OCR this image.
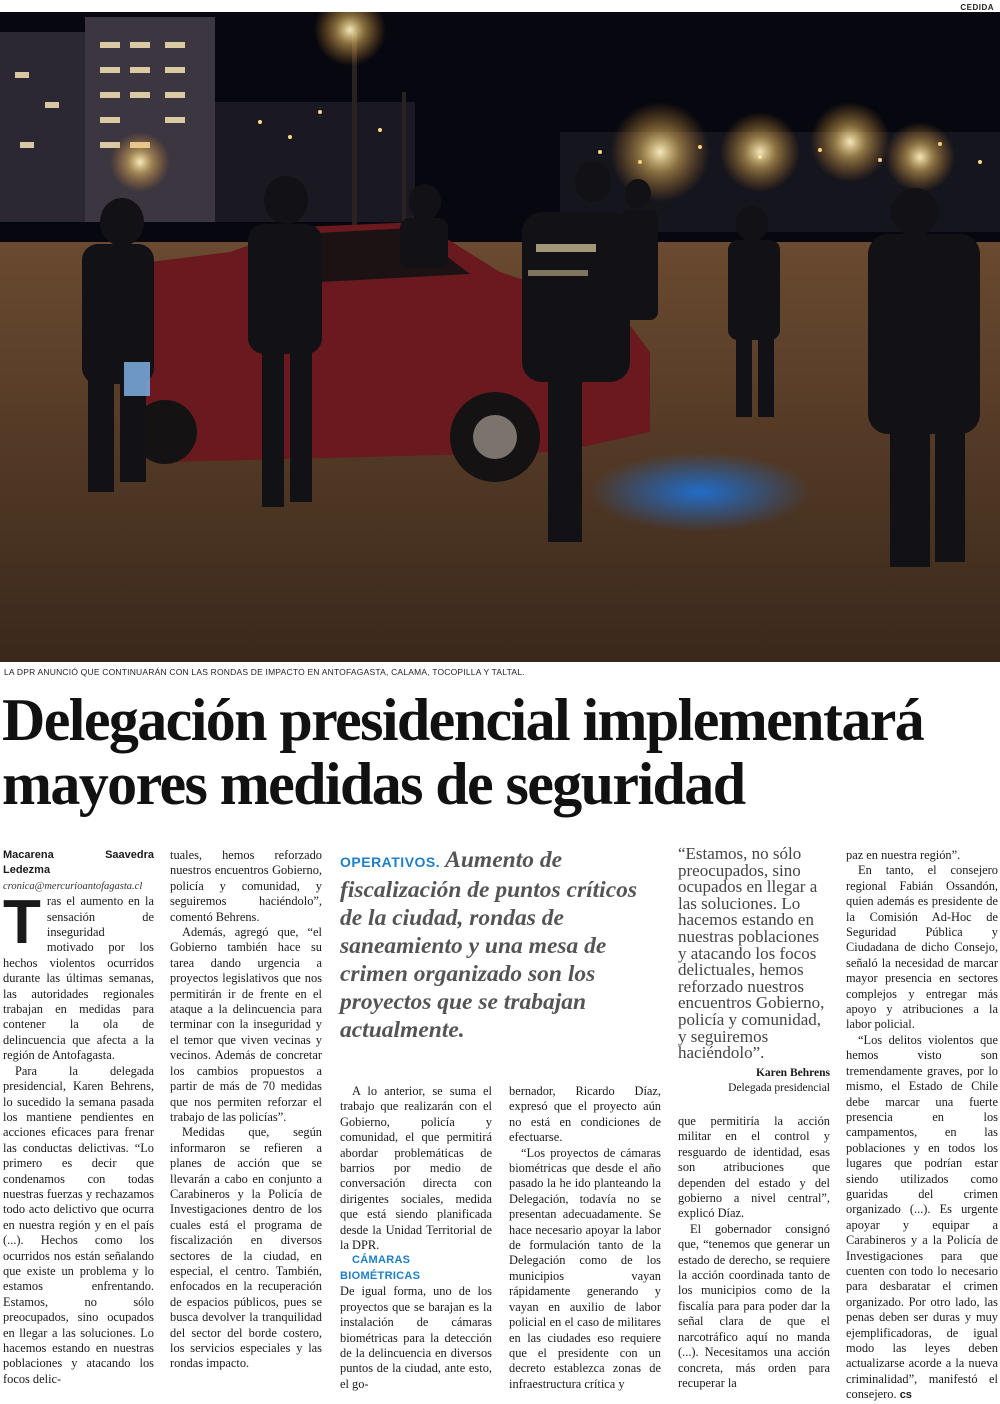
CEDIDA
LA DPR ANUNCIÓ QUE CONTINUARÁN CON LAS RONDAS DE IMPACTO EN ANTOFAGASTA, CALAMA, TOCOPILLA Y TALTAL.
Delegación presidencial implementará
mayores medidas de seguridad

Macarena Saavedra Ledezma

cronica@mercurioantofagasta.cl

Tras el aumento en la sensación de inseguridad motivado por los hechos violentos ocurridos durante las últimas semanas, las autoridades regionales trabajan en medidas para contener la ola de delincuencia que afecta a la región de Antofagasta.

Para la delegada presidencial, Karen Behrens, lo sucedido la semana pasada los mantiene pendientes en acciones eficaces para frenar las conductas delictivas. “Lo primero es decir que condenamos con todas nuestras fuerzas y rechazamos todo acto delictivo que ocurra en nuestra región y en el país (...). Hechos como los ocurridos nos están señalando que existe un problema y lo estamos enfrentando. Estamos, no sólo preocupados, sino ocupados en llegar a las soluciones. Lo hacemos estando en nuestras poblaciones y atacando los focos delic-

tuales, hemos reforzado nuestros encuentros Gobierno, policía y comunidad, y seguiremos haciéndolo”, comentó Behrens.

Además, agregó que, “el Gobierno también hace su tarea dando urgencia a proyectos legislativos que nos permitirán ir de frente en el ataque a la delincuencia para terminar con la inseguridad y el temor que viven vecinas y vecinos. Además de concretar los cambios propuestos a partir de más de 70 medidas que nos permiten reforzar el trabajo de las policías”.

Medidas que, según informaron se refieren a planes de acción que se llevarán a cabo en conjunto a Carabineros y la Policía de Investigaciones dentro de los cuales está el programa de fiscalización en diversos sectores de la ciudad, en especial, el centro. También, enfocados en la recuperación de espacios públicos, pues se busca devolver la tranquilidad del sector del borde costero, los servicios especiales y las rondas impacto.

OPERATIVOS. Aumento de fiscalización de puntos críticos de la ciudad, rondas de saneamiento y una mesa de crimen organizado son los proyectos que se trabajan actualmente.

A lo anterior, se suma el trabajo que realizarán con el Gobierno, policía y comunidad, el que permitirá abordar problemáticas de barrios por medio de conversación directa con dirigentes sociales, medida que está siendo planificada desde la Unidad Territorial de la DPR.

CÁMARAS BIOMÉTRICAS

De igual forma, uno de los proyectos que se barajan es la instalación de cámaras biométricas para la detección de la delincuencia en diversos puntos de la ciudad, ante esto, el go-

bernador, Ricardo Díaz, expresó que el proyecto aún no está en condiciones de efectuarse.

“Los proyectos de cámaras biométricas que desde el año pasado la he ido planteando la Delegación, todavía no se presentan adecuadamente. Se hace necesario apoyar la labor de formulación tanto de la Delegación como de los municipios vayan rápidamente generando y vayan en auxilio de labor policial en el caso de militares en las ciudades eso requiere que el presidente con un decreto establezca zonas de infraestructura crítica y

“Estamos, no sólo preocupados, sino ocupados en llegar a las soluciones. Lo hacemos estando en nuestras poblaciones y atacando los focos delictuales, hemos reforzado nuestros encuentros Gobierno, policía y comunidad, y seguiremos haciéndolo”.
Karen Behrens
Delegada presidencial

que permitiría la acción militar en el control y resguardo de identidad, esas son atribuciones que dependen del estado y del gobierno a nivel central”, explicó Díaz.

El gobernador consignó que, “tenemos que generar un estado de derecho, se requiere la acción coordinada tanto de los municipios como de la fiscalía para para poder dar la señal clara de que el narcotráfico aquí no manda (...). Necesitamos una acción concreta, más orden para recuperar la

paz en nuestra región”.

En tanto, el consejero regional Fabián Ossandón, quien además es presidente de la Comisión Ad-Hoc de Seguridad Pública y Ciudadana de dicho Consejo, señaló la necesidad de marcar mayor presencia en sectores complejos y entregar más apoyo y atribuciones a la labor policial.

“Los delitos violentos que hemos visto son tremendamente graves, por lo mismo, el Estado de Chile debe marcar una fuerte presencia en los campamentos, en las poblaciones y en todos los lugares que podrían estar siendo utilizados como guaridas del crimen organizado (...). Es urgente apoyar y equipar a Carabineros y a la Policía de Investigaciones para que cuenten con todo lo necesario para desbaratar el crimen organizado. Por otro lado, las penas deben ser duras y muy ejemplificadoras, de igual modo las leyes deben actualizarse acorde a la nueva criminalidad”, manifestó el consejero. cs
